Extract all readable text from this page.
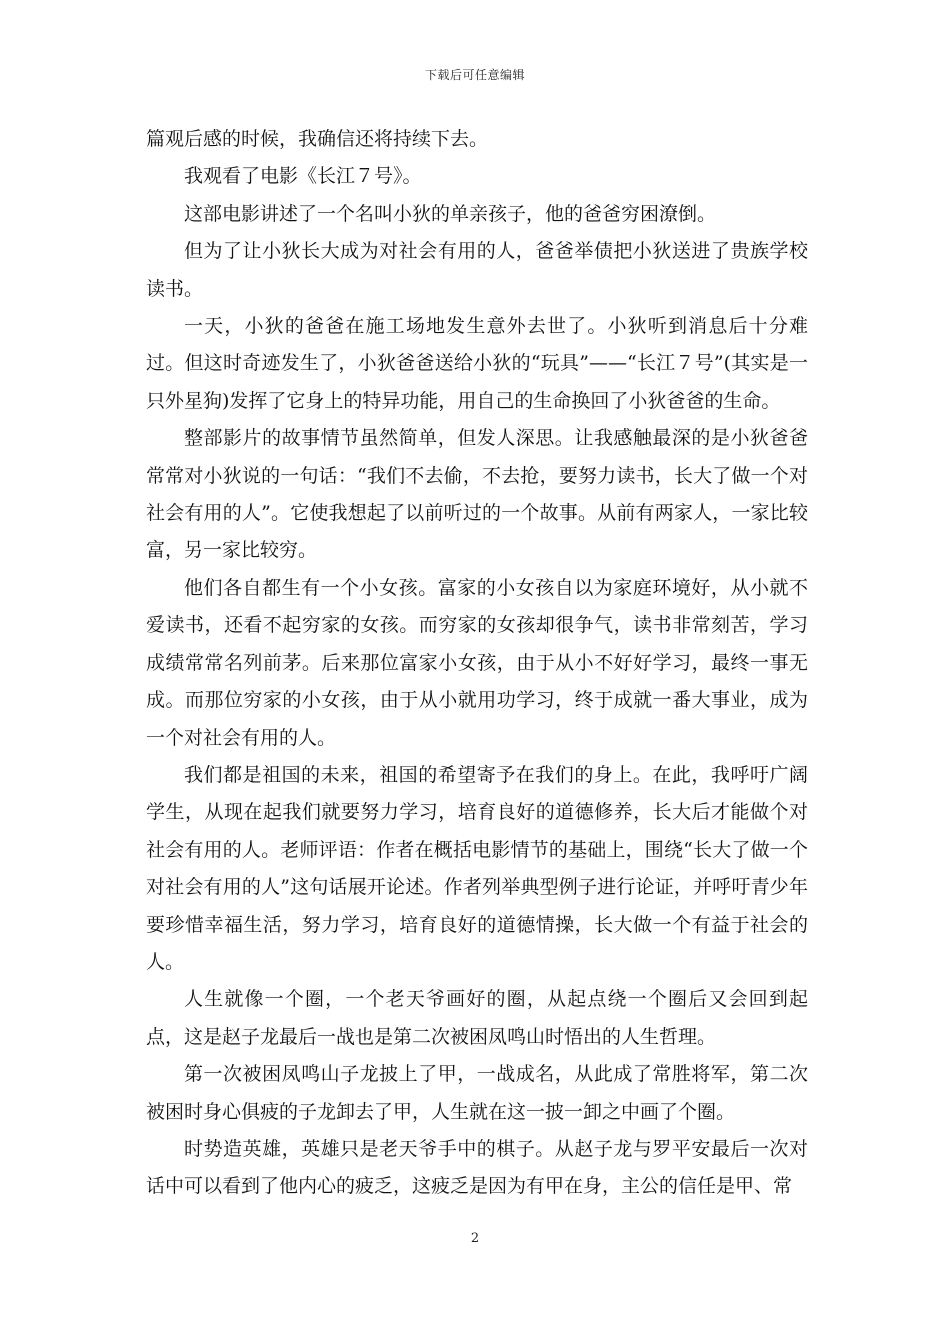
下载后可任意编辑

篇观后感的时候，我确信还将持续下去。

我观看了电影《长江７号》。

这部电影讲述了一个名叫小狄的单亲孩子，他的爸爸穷困潦倒。

但为了让小狄长大成为对社会有用的人，爸爸举债把小狄送进了贵族学校读书。

一天，小狄的爸爸在施工场地发生意外去世了。小狄听到消息后十分难过。但这时奇迹发生了，小狄爸爸送给小狄的“玩具”——“长江７号”(其实是一只外星狗)发挥了它身上的特异功能，用自己的生命换回了小狄爸爸的生命。

整部影片的故事情节虽然简单，但发人深思。让我感触最深的是小狄爸爸常常对小狄说的一句话：“我们不去偷，不去抢，要努力读书，长大了做一个对社会有用的人”。它使我想起了以前听过的一个故事。从前有两家人，一家比较富，另一家比较穷。

他们各自都生有一个小女孩。富家的小女孩自以为家庭环境好，从小就不爱读书，还看不起穷家的女孩。而穷家的女孩却很争气，读书非常刻苦，学习成绩常常名列前茅。后来那位富家小女孩，由于从小不好好学习，最终一事无成。而那位穷家的小女孩，由于从小就用功学习，终于成就一番大事业，成为一个对社会有用的人。

我们都是祖国的未来，祖国的希望寄予在我们的身上。在此，我呼吁广阔学生，从现在起我们就要努力学习，培育良好的道德修养，长大后才能做个对社会有用的人。老师评语：作者在概括电影情节的基础上，围绕“长大了做一个对社会有用的人”这句话展开论述。作者列举典型例子进行论证，并呼吁青少年要珍惜幸福生活，努力学习，培育良好的道德情操，长大做一个有益于社会的人。

人生就像一个圈，一个老天爷画好的圈，从起点绕一个圈后又会回到起点，这是赵子龙最后一战也是第二次被困凤鸣山时悟出的人生哲理。

第一次被困凤鸣山子龙披上了甲，一战成名，从此成了常胜将军，第二次被困时身心俱疲的子龙卸去了甲，人生就在这一披一卸之中画了个圈。

时势造英雄，英雄只是老天爷手中的棋子。从赵子龙与罗平安最后一次对话中可以看到了他内心的疲乏，这疲乏是因为有甲在身，主公的信任是甲、常

2
